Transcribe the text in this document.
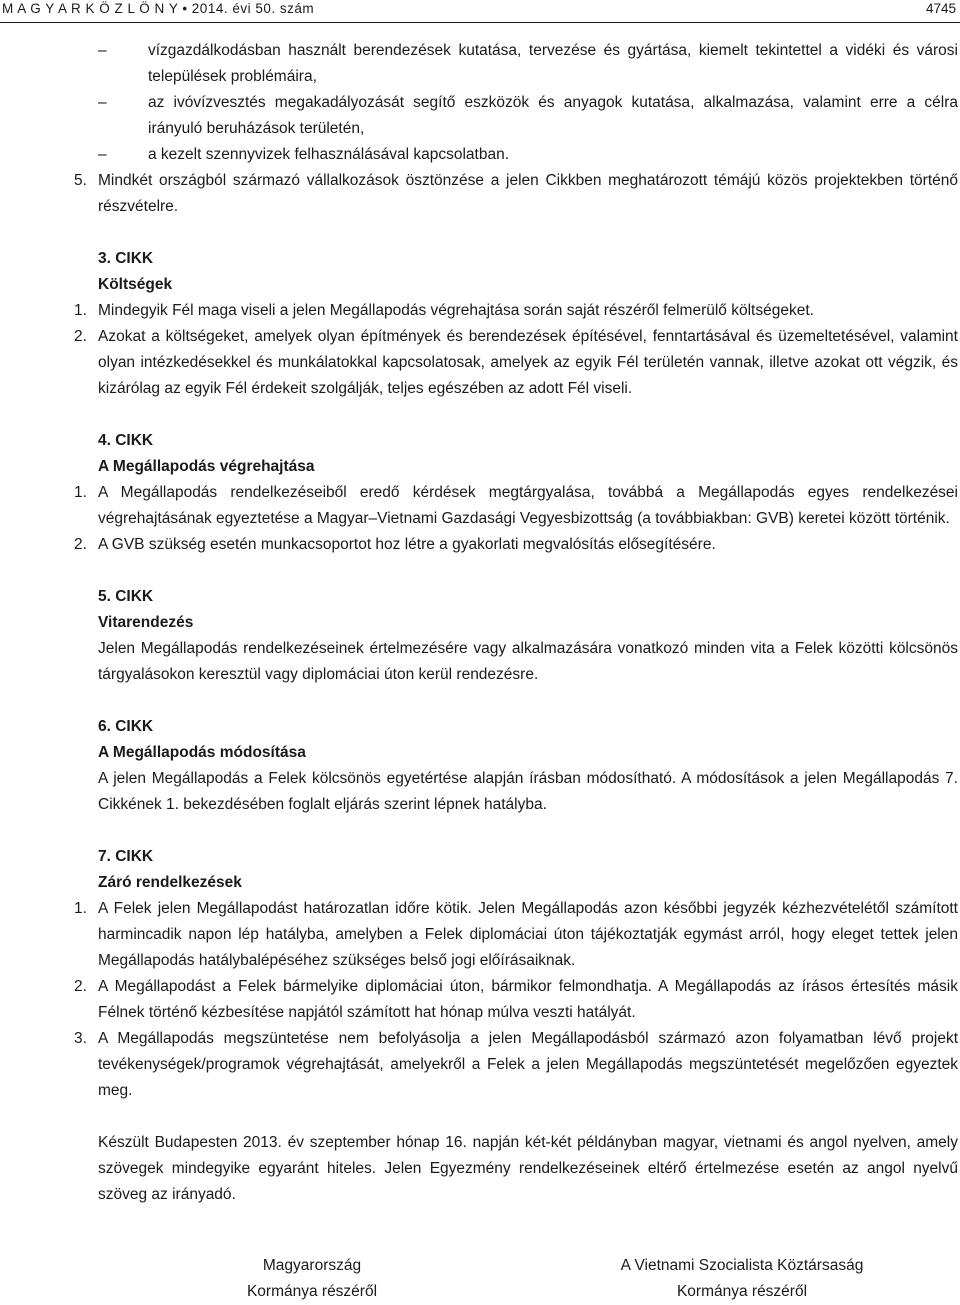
M A G Y A R K Ö Z L Ö N Y • 2014. évi 50. szám	4745

–	vízgazdálkodásban használt berendezések kutatása, tervezése és gyártása, kiemelt tekintettel a vidéki és városi települések problémáira,

–	az ivóvízvesztés megakadályozását segítő eszközök és anyagok kutatása, alkalmazása, valamint erre a célra irányuló beruházások területén,

–	a kezelt szennyvizek felhasználásával kapcsolatban.

5. Mindkét országból származó vállalkozások ösztönzése a jelen Cikkben meghatározott témájú közös projektekben történő részvételre.

3. CIKK

Költségek

1. Mindegyik Fél maga viseli a jelen Megállapodás végrehajtása során saját részéről felmerülő költségeket.

2. Azokat a költségeket, amelyek olyan építmények és berendezések építésével, fenntartásával és üzemeltetésével, valamint olyan intézkedésekkel és munkálatokkal kapcsolatosak, amelyek az egyik Fél területén vannak, illetve azokat ott végzik, és kizárólag az egyik Fél érdekeit szolgálják, teljes egészében az adott Fél viseli.

4. CIKK

A Megállapodás végrehajtása

1. A Megállapodás rendelkezéseiből eredő kérdések megtárgyalása, továbbá a Megállapodás egyes rendelkezései végrehajtásának egyeztetése a Magyar–Vietnami Gazdasági Vegyesbizottság (a továbbiakban: GVB) keretei között történik.

2. A GVB szükség esetén munkacsoportot hoz létre a gyakorlati megvalósítás elősegítésére.

5. CIKK

Vitarendezés

Jelen Megállapodás rendelkezéseinek értelmezésére vagy alkalmazására vonatkozó minden vita a Felek közötti kölcsönös tárgyalásokon keresztül vagy diplomáciai úton kerül rendezésre.

6. CIKK

A Megállapodás módosítása

A jelen Megállapodás a Felek kölcsönös egyetértése alapján írásban módosítható. A módosítások a jelen Megállapodás 7. Cikkének 1. bekezdésében foglalt eljárás szerint lépnek hatályba.

7. CIKK

Záró rendelkezések

1. A Felek jelen Megállapodást határozatlan időre kötik. Jelen Megállapodás azon későbbi jegyzék kézhezvételétől számított harmincadik napon lép hatályba, amelyben a Felek diplomáciai úton tájékoztatják egymást arról, hogy eleget tettek jelen Megállapodás hatálybalépéséhez szükséges belső jogi előírásaiknak.

2. A Megállapodást a Felek bármelyike diplomáciai úton, bármikor felmondhatja. A Megállapodás az írásos értesítés másik Félnek történő kézbesítése napjától számított hat hónap múlva veszti hatályát.

3. A Megállapodás megszüntetése nem befolyásolja a jelen Megállapodásból származó azon folyamatban lévő projekt tevékenységek/programok végrehajtását, amelyekről a Felek a jelen Megállapodás megszüntetését megelőzően egyeztek meg.

Készült Budapesten 2013. év szeptember hónap 16. napján két-két példányban magyar, vietnami és angol nyelven, amely szövegek mindegyike egyaránt hiteles. Jelen Egyezmény rendelkezéseinek eltérő értelmezése esetén az angol nyelvű szöveg az irányadó.

Magyarország
Kormánya részéről
A Vietnami Szocialista Köztársaság
Kormánya részéről
